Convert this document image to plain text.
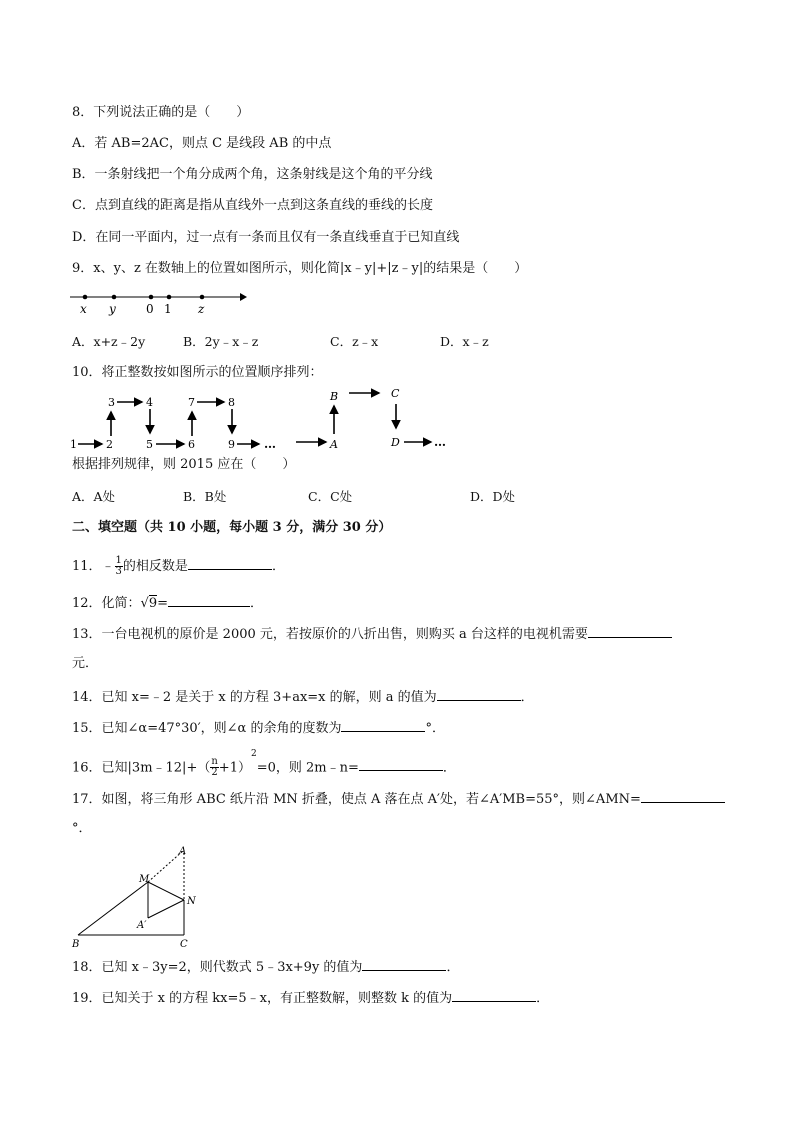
8．下列说法正确的是（　　）
A．若 AB=2AC，则点 C 是线段 AB 的中点
B．一条射线把一个角分成两个角，这条射线是这个角的平分线
C．点到直线的距离是指从直线外一点到这条直线的垂线的长度
D．在同一平面内，过一点有一条而且仅有一条直线垂直于已知直线
9．x、y、z 在数轴上的位置如图所示，则化简|x﹣y|+|z﹣y|的结果是（　　）
x y	0 1 z
A．x+z﹣2y	B．2y﹣x﹣z	C．z﹣x	D．x﹣z
10．将正整数按如图所示的位置顺序排列：
1	2	5	6	9
3	4	7	8
…	A
B	C
D	…
根据排列规律，则 2015 应在（　　）
A．A处	B．B处	C．C处	D．D处
二、填空题（共 10 小题，每小题 3 分，满分 30 分）
11．﹣ $\frac{1}{3}$ 的相反数是	．
12．化简：√9=	．
13．一台电视机的原价是 2000 元，若按原价的八折出售，则购买 a 台这样的电视机需要
元．
14．已知 x=﹣2 是关于 x 的方程 3+ax=x 的解，则 a 的值为	．
15．已知∠α=47°30′，则∠α 的余角的度数为	°．
16．已知|3m﹣12|+（ $\frac{n}{2} +1)^2=0$，则 2m﹣n=	．
17．如图，将三角形 ABC 纸片沿 MN 折叠，使点 A 落在点 A′处，若∠A′MB=55°，则∠AMN=
°．
A
M
N
A′
B	C
18．已知 x﹣3y=2，则代数式 5﹣3x+9y 的值为	．
19．已知关于 x 的方程 kx=5﹣x，有正整数解，则整数 k 的值为	．
